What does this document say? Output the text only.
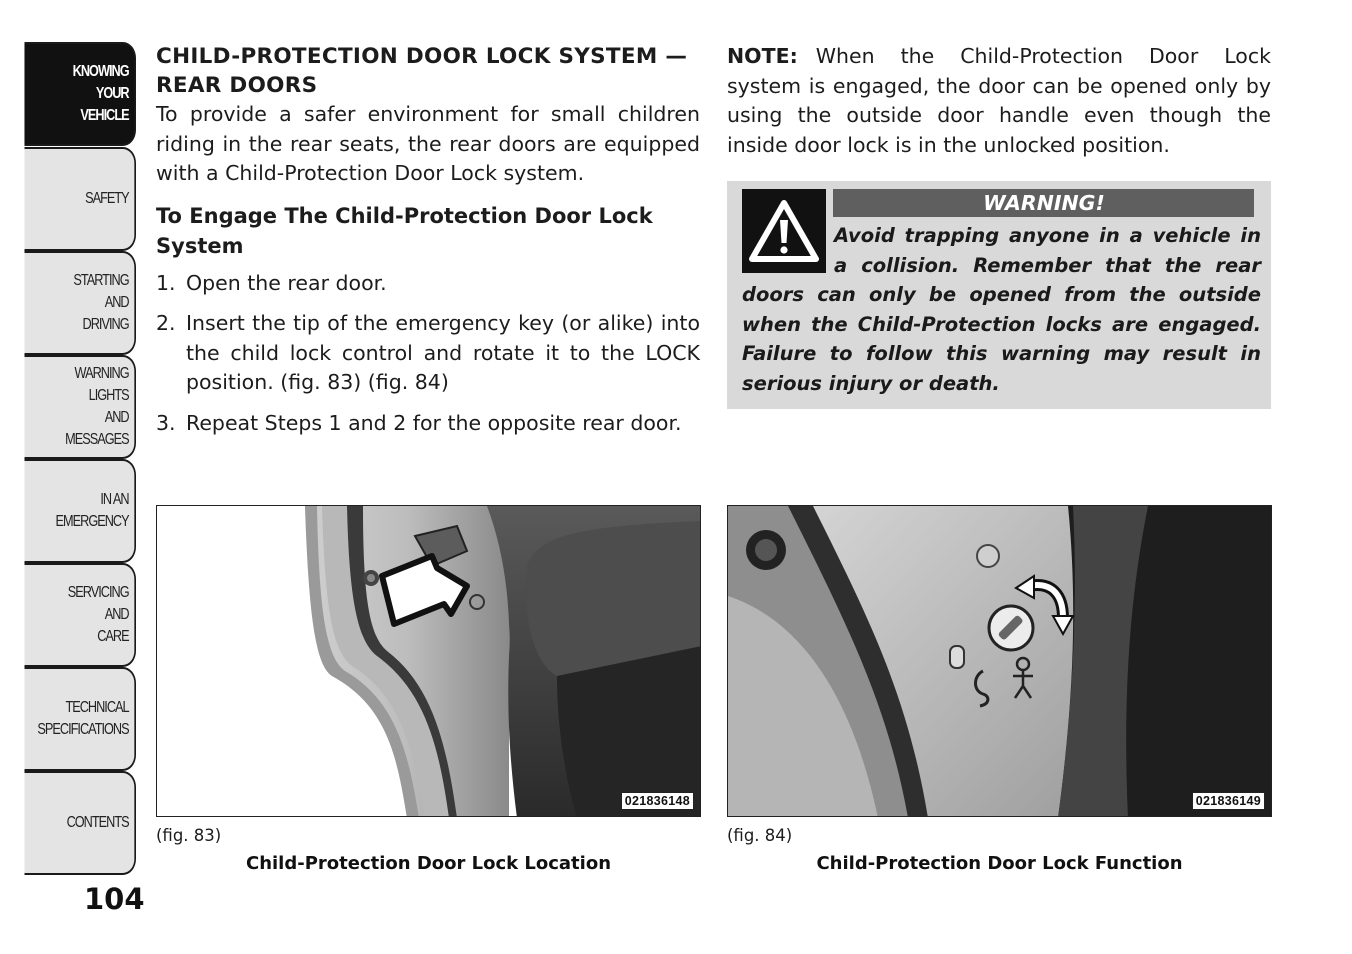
KNOWING
YOUR
VEHICLE
SAFETY
STARTING
AND
DRIVING
WARNING
LIGHTS
AND
MESSAGES
IN AN
EMERGENCY
SERVICING
AND
CARE
TECHNICAL
SPECIFICATIONS
CONTENTS
104
CHILD-PROTECTION DOOR LOCK SYSTEM — REAR DOORS
To provide a safer environment for small children riding in the rear seats, the rear doors are equipped with a Child-Protection Door Lock system.
To Engage The Child-Protection Door Lock System
1. Open the rear door.
2. Insert the tip of the emergency key (or alike) into the child lock control and rotate it to the LOCK position. (fig. 83) (fig. 84)
3. Repeat Steps 1 and 2 for the opposite rear door.
NOTE: When the Child-Protection Door Lock system is engaged, the door can be opened only by using the outside door handle even though the inside door lock is in the unlocked position.
WARNING!
Avoid trapping anyone in a vehicle in a collision. Remember that the rear doors can only be opened from the outside when the Child-Protection locks are engaged. Failure to follow this warning may result in serious injury or death.
021836148
(fig. 83)
Child-Protection Door Lock Location
021836149
(fig. 84)
Child-Protection Door Lock Function
